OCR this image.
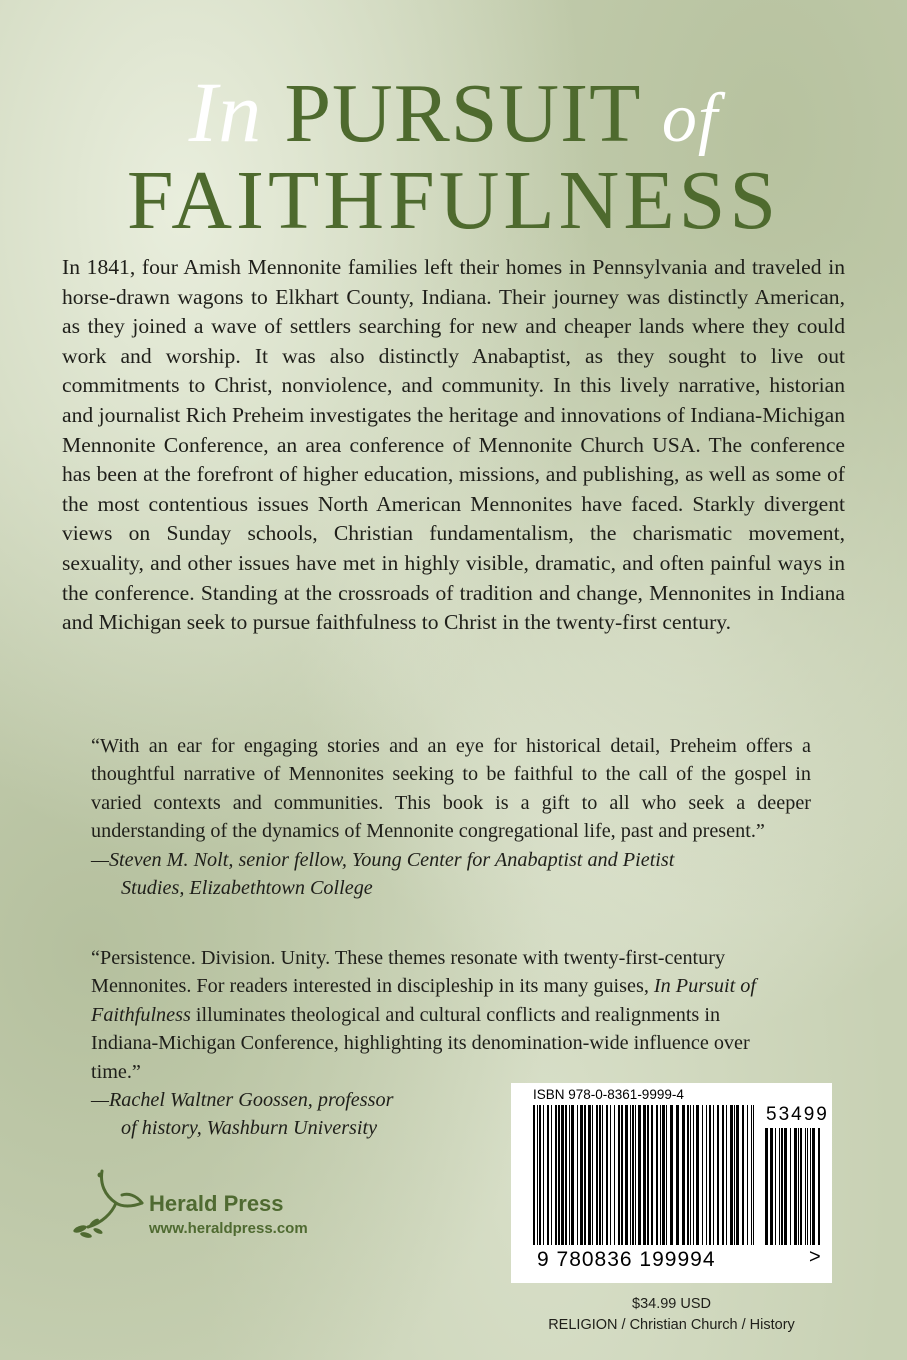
In PURSUIT of
FAITHFULNESS

In 1841, four Amish Mennonite families left their homes in Pennsylvania and traveled in horse-drawn wagons to Elkhart County, Indiana. Their journey was distinctly American, as they joined a wave of settlers searching for new and cheaper lands where they could work and worship. It was also distinctly Anabaptist, as they sought to live out commitments to Christ, nonviolence, and community. In this lively narrative, historian and journalist Rich Preheim investigates the heritage and innovations of Indiana-Michigan Mennonite Conference, an area conference of Mennonite Church USA. The conference has been at the forefront of higher education, missions, and publishing, as well as some of the most contentious issues North American Mennonites have faced. Starkly divergent views on Sunday schools, Christian fundamentalism, the charismatic movement, sexuality, and other issues have met in highly visible, dramatic, and often painful ways in the conference. Standing at the crossroads of tradition and change, Mennonites in Indiana and Michigan seek to pursue faithfulness to Christ in the twenty-first century.

“With an ear for engaging stories and an eye for historical detail, Preheim offers a thoughtful narrative of Mennonites seeking to be faithful to the call of the gospel in varied contexts and communities. This book is a gift to all who seek a deeper understanding of the dynamics of Mennonite congregational life, past and present.”
—Steven M. Nolt, senior fellow, Young Center for Anabaptist and Pietist
Studies, Elizabethtown College

“Persistence. Division. Unity. These themes resonate with twenty-first-century Mennonites. For readers interested in discipleship in its many guises, In Pursuit of Faithfulness illuminates theological and cultural conflicts and realignments in Indiana-Michigan Conference, highlighting its denomination-wide influence over time.”
—Rachel Waltner Goossen, professor
of history, Washburn University

Herald Press
www.heraldpress.com
ISBN 978-0-8361-9999-4
53499
9 780836 199994	>
$34.99 USD
RELIGION / Christian Church / History
